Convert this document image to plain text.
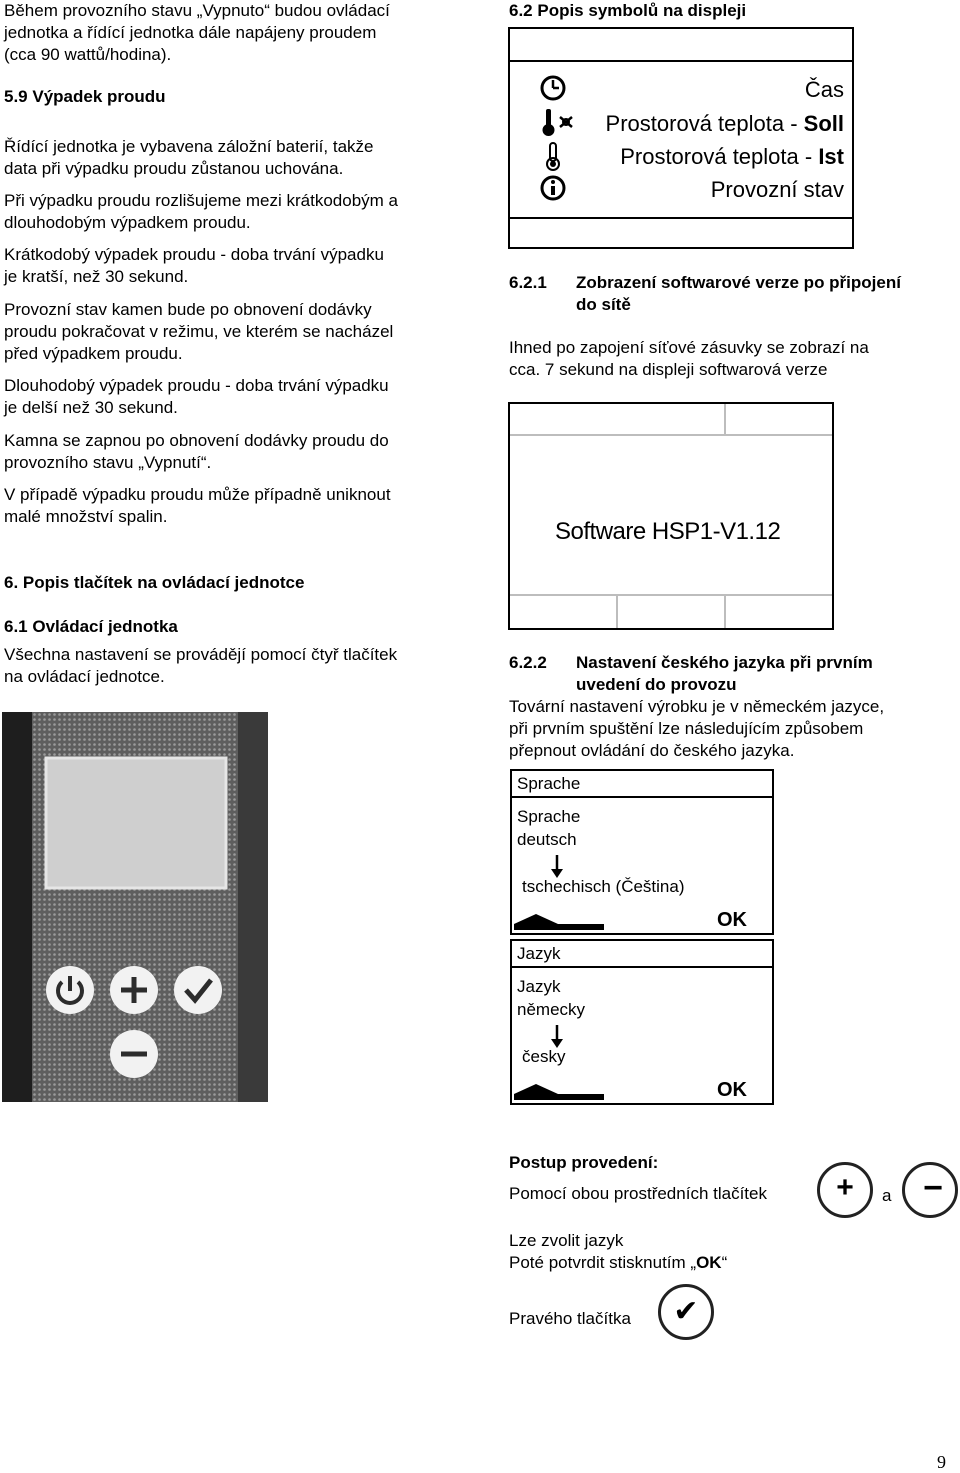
Během provozního stavu „Vypnuto“ budou ovládací
jednotka a řídící jednotka dále napájeny proudem
(cca 90 wattů/hodina).
5.9 Výpadek proudu
Řídící jednotka je vybavena záložní baterií, takže
data při výpadku proudu zůstanou uchována.
Při výpadku proudu rozlišujeme mezi krátkodobým a
dlouhodobým výpadkem proudu.
Krátkodobý výpadek proudu - doba trvání výpadku
je kratší, než 30 sekund.
Provozní stav kamen bude po obnovení dodávky
proudu pokračovat v režimu, ve kterém se nacházel
před výpadkem proudu.
Dlouhodobý výpadek proudu - doba trvání výpadku
je delší než 30 sekund.
Kamna se zapnou po obnovení dodávky proudu do
provozního stavu „Vypnutí“.
V případě výpadku proudu může případně uniknout
malé množství spalin.
6. Popis tlačítek na ovládací jednotce
6.1 Ovládací jednotka
Všechna nastavení se provádějí pomocí čtyř tlačítek
na ovládací jednotce.
6.2 Popis symbolů na displeji
Čas
Prostorová teplota - Soll
Prostorová teplota - Ist
Provozní stav
6.2.1 Zobrazení softwarové verze po připojení
do sítě
Ihned po zapojení síťové zásuvky se zobrazí na
cca. 7 sekund na displeji softwarová verze
Software HSP1-V1.12
6.2.2 Nastavení českého jazyka při prvním
uvedení do provozu
Tovární nastavení výrobku je v německém jazyce,
při prvním spuštění lze následujícím způsobem
přepnout ovládání do českého jazyka.
Sprache
Sprache
deutsch
tschechisch (Čeština)
OK
Jazyk
Jazyk
německy
česky
OK
Postup provedení:
Pomocí obou prostředních tlačítek	+	a −
Lze zvolit jazyk
Poté potvrdit stisknutím „OK“
Pravého tlačítka	✔
9
